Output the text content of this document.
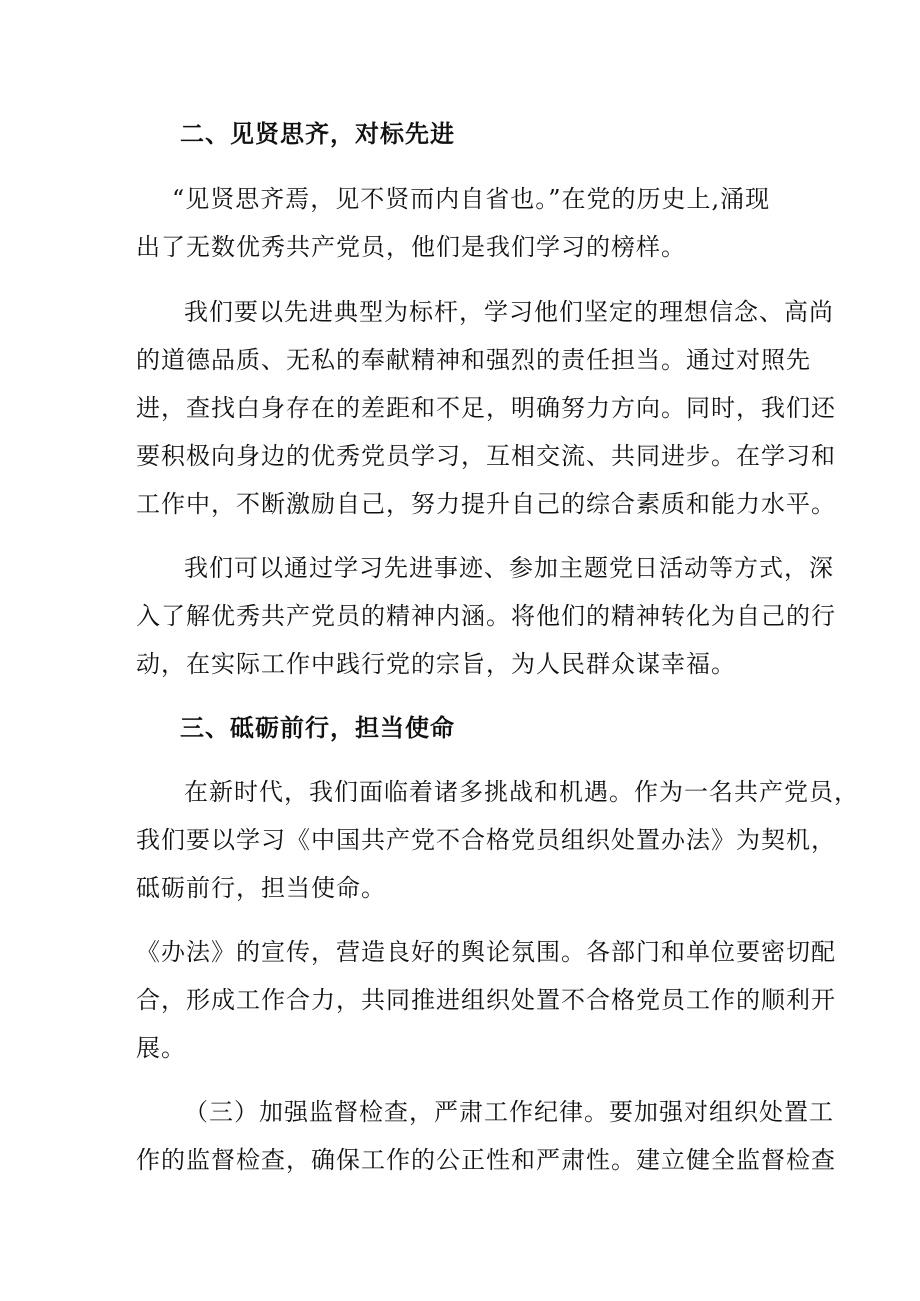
二、见贤思齐，对标先进
“见贤思齐焉，见不贤而内自省也。”在党的历史上,涌现
出了无数优秀共产党员，他们是我们学习的榜样。
我们要以先进典型为标杆，学习他们坚定的理想信念、高尚
的道德品质、无私的奉献精神和强烈的责任担当。通过对照先
进，查找白身存在的差距和不足，明确努力方向。同时，我们还
要积极向身边的优秀党员学习，互相交流、共同进步。在学习和
工作中，不断激励自己，努力提升自己的综合素质和能力水平。
我们可以通过学习先进事迹、参加主题党日活动等方式，深
入了解优秀共产党员的精神内涵。将他们的精神转化为自己的行
动，在实际工作中践行党的宗旨，为人民群众谋幸福。
三、砥砺前行，担当使命
在新时代，我们面临着诸多挑战和机遇。作为一名共产党员，
我们要以学习《中国共产党不合格党员组织处置办法》为契机，
砥砺前行，担当使命。
《办法》的宣传，营造良好的舆论氛围。各部门和单位要密切配
合，形成工作合力，共同推进组织处置不合格党员工作的顺利开
展。
（三）加强监督检查，严肃工作纪律。要加强对组织处置工
作的监督检查，确保工作的公正性和严肃性。建立健全监督检查
